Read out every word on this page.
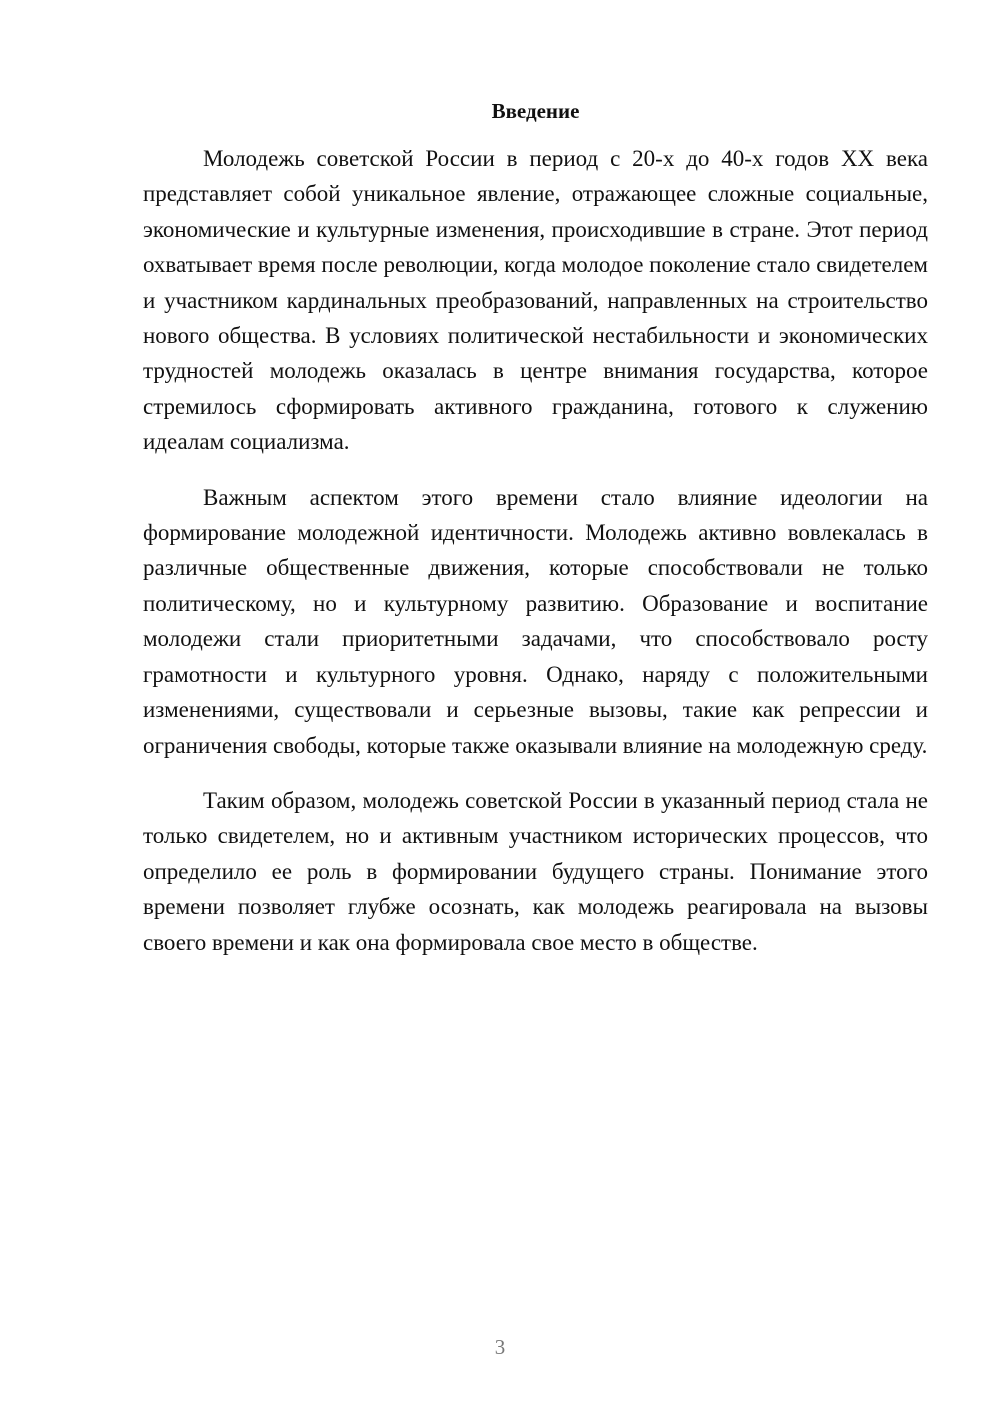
Введение

Молодежь советской России в период с 20-х до 40-х годов XX века представляет собой уникальное явление, отражающее сложные социальные, экономические и культурные изменения, происходившие в стране. Этот период охватывает время после революции, когда молодое поколение стало свидетелем и участником кардинальных преобразований, направленных на строительство нового общества. В условиях политической нестабильности и экономических трудностей молодежь оказалась в центре внимания государства, которое стремилось сформировать активного гражданина, готового к служению идеалам социализма.

Важным аспектом этого времени стало влияние идеологии на формирование молодежной идентичности. Молодежь активно вовлекалась в различные общественные движения, которые способствовали не только политическому, но и культурному развитию. Образование и воспитание молодежи стали приоритетными задачами, что способствовало росту грамотности и культурного уровня. Однако, наряду с положительными изменениями, существовали и серьезные вызовы, такие как репрессии и ограничения свободы, которые также оказывали влияние на молодежную среду.

Таким образом, молодежь советской России в указанный период стала не только свидетелем, но и активным участником исторических процессов, что определило ее роль в формировании будущего страны. Понимание этого времени позволяет глубже осознать, как молодежь реагировала на вызовы своего времени и как она формировала свое место в обществе.

3
